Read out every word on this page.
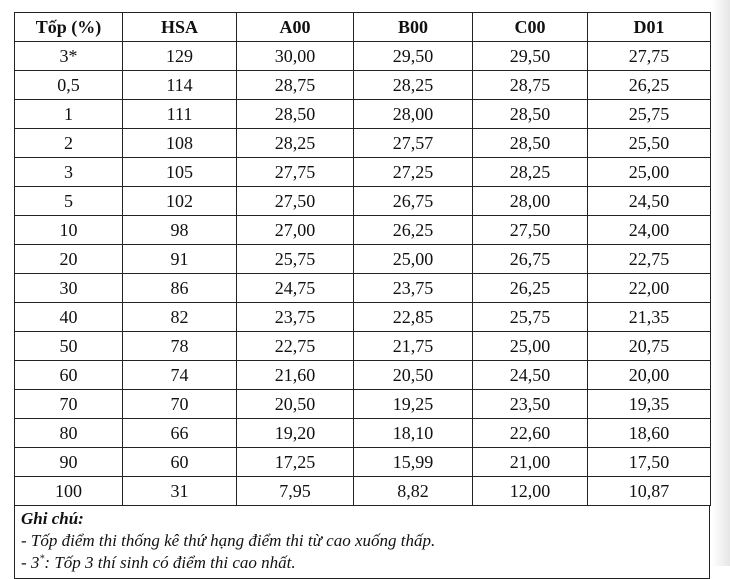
Tốp (%)	HSA	A00	B00	C00	D01
3*	129	30,00	29,50	29,50	27,75
0,5	114	28,75	28,25	28,75	26,25
1	111	28,50	28,00	28,50	25,75
2	108	28,25	27,57	28,50	25,50
3	105	27,75	27,25	28,25	25,00
5	102	27,50	26,75	28,00	24,50
10	98	27,00	26,25	27,50	24,00
20	91	25,75	25,00	26,75	22,75
30	86	24,75	23,75	26,25	22,00
40	82	23,75	22,85	25,75	21,35
50	78	22,75	21,75	25,00	20,75
60	74	21,60	20,50	24,50	20,00
70	70	20,50	19,25	23,50	19,35
80	66	19,20	18,10	22,60	18,60
90	60	17,25	15,99	21,00	17,50
100	31	7,95	8,82	12,00	10,87
Ghi chú:
- Tốp điểm thi thống kê thứ hạng điểm thi từ cao xuống thấp.
- 3*: Tốp 3 thí sinh có điểm thi cao nhất.
